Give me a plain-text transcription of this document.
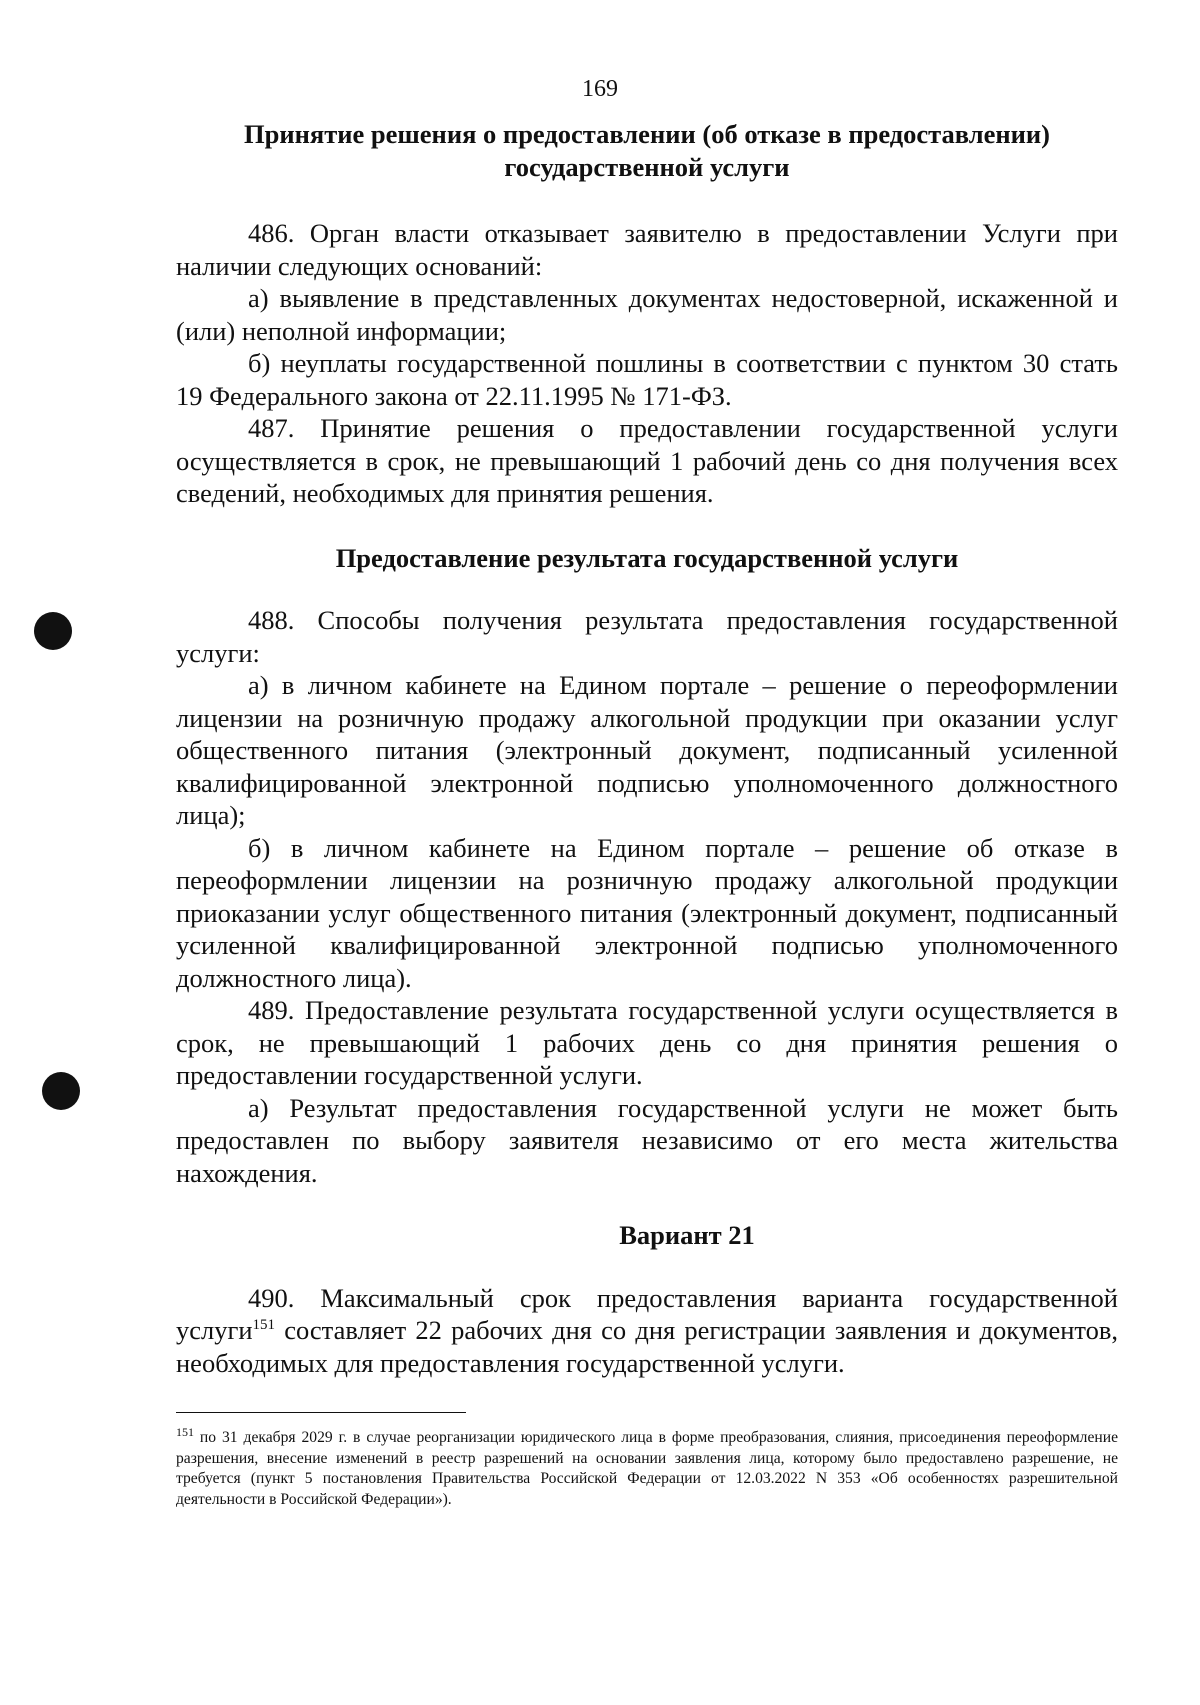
169
Принятие решения о предоставлении (об отказе в предоставлении) государственной услуги

486. Орган власти отказывает заявителю в предоставлении Услуги при наличии следующих оснований:

а) выявление в представленных документах недостоверной, искаженной и (или) неполной информации;

б) неуплаты государственной пошлины в соответствии с пунктом 30 стать 19 Федерального закона от 22.11.1995 № 171-ФЗ.

487. Принятие решения о предоставлении государственной услуги осуществляется в срок, не превышающий 1 рабочий день со дня получения всех сведений, необходимых для принятия решения.

Предоставление результата государственной услуги

488. Способы получения результата предоставления государственной услуги:

а) в личном кабинете на Едином портале – решение о переоформлении лицензии на розничную продажу алкогольной продукции при оказании услуг общественного питания (электронный документ, подписанный усиленной квалифицированной электронной подписью уполномоченного должностного лица);

б) в личном кабинете на Едином портале – решение об отказе в переоформлении лицензии на розничную продажу алкогольной продукции приоказании услуг общественного питания (электронный документ, подписанный усиленной квалифицированной электронной подписью уполномоченного должностного лица).

489. Предоставление результата государственной услуги осуществляется в срок, не превышающий 1 рабочих день со дня принятия решения о предоставлении государственной услуги.

а) Результат предоставления государственной услуги не может быть предоставлен по выбору заявителя независимо от его места жительства нахождения.

Вариант 21

490. Максимальный срок предоставления варианта государственной услуги$^{151}$ составляет 22 рабочих дня со дня регистрации заявления и документов, необходимых для предоставления государственной услуги.

$^{151}$ по 31 декабря 2029 г. в случае реорганизации юридического лица в форме преобразования, слияния, присоединения переоформление разрешения, внесение изменений в реестр разрешений на основании заявления лица, которому было предоставлено разрешение, не требуется (пункт 5 постановления Правительства Российской Федерации от 12.03.2022 N 353 «Об особенностях разрешительной деятельности в Российской Федерации»).
